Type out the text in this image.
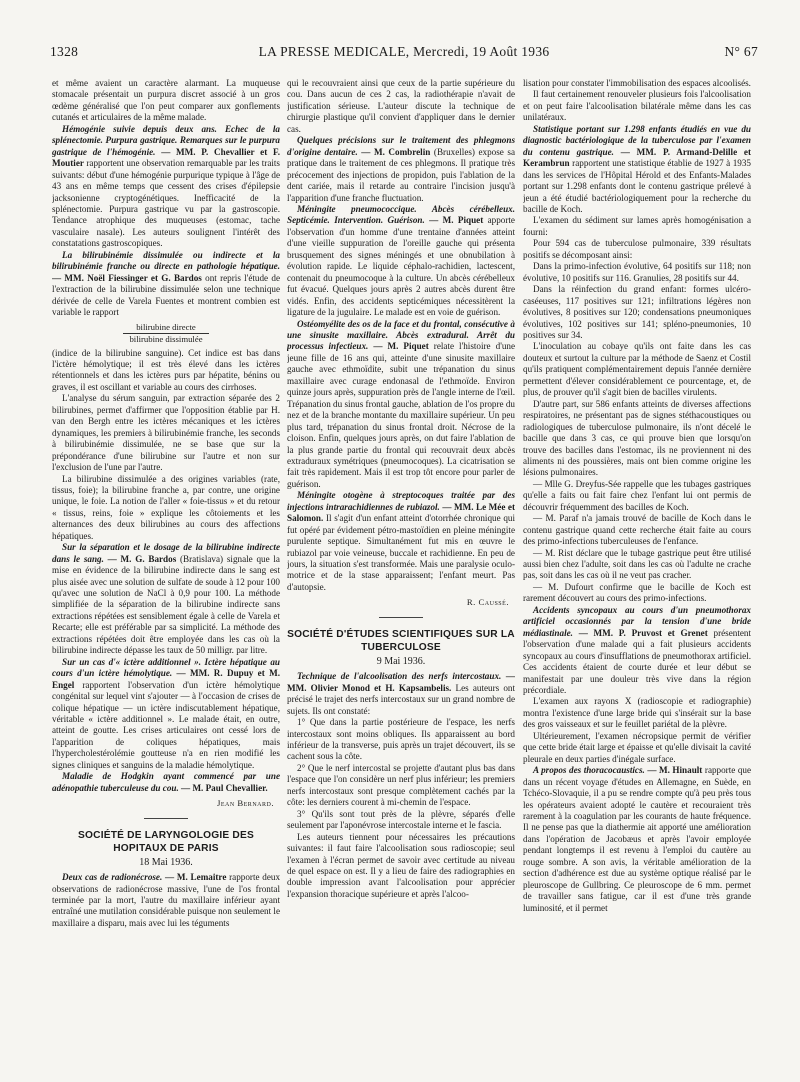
1328	LA PRESSE MEDICALE, Mercredi, 19 Août 1936	N° 67

et même avaient un caractère alarmant. La muqueuse stomacale présentait un purpura discret associé à un gros œdème généralisé que l'on peut comparer aux gonflements cutanés et articulaires de la même malade.

Hémogénie suivie depuis deux ans. Echec de la splénectomie. Purpura gastrique. Remarques sur le purpura gastrique de l'hémogénie. — MM. P. Chevallier et F. Moutier rapportent une observation remarquable par les traits suivants: début d'une hémogénie purpurique typique à l'âge de 43 ans en même temps que cessent des crises d'épilepsie jacksonienne cryptogénétiques. Inefficacité de la splénectomie. Purpura gastrique vu par la gastroscopie. Tendance atrophique des muqueuses (estomac, tache vasculaire nasale). Les auteurs soulignent l'intérêt des constatations gastroscopiques.

La bilirubinémie dissimulée ou indirecte et la bilirubinémie franche ou directe en pathologie hépatique. — MM. Noël Fiessinger et G. Bardos ont repris l'étude de l'extraction de la bilirubine dissimulée selon une technique dérivée de celle de Varela Fuentes et montrent combien est variable le rapport

bilirubine directe
bilirubine dissimulée

(indice de la bilirubine sanguine). Cet indice est bas dans l'ictère hémolytique; il est très élevé dans les ictères rétentionnels et dans les ictères purs par hépatite, bénins ou graves, il est oscillant et variable au cours des cirrhoses.

L'analyse du sérum sanguin, par extraction séparée des 2 bilirubines, permet d'affirmer que l'opposition établie par H. van den Bergh entre les ictères mécaniques et les ictères dynamiques, les premiers à bilirubinémie franche, les seconds à bilirubinémie dissimulée, ne se base que sur la prépondérance d'une bilirubine sur l'autre et non sur l'exclusion de l'une par l'autre.

La bilirubine dissimulée a des origines variables (rate, tissus, foie); la bilirubine franche a, par contre, une origine unique, le foie. La notion de l'aller « foie-tissus » et du retour « tissus, reins, foie » explique les côtoiements et les alternances des deux bilirubines au cours des affections hépatiques.

Sur la séparation et le dosage de la bilirubine indirecte dans le sang. — M. G. Bardos (Bratislava) signale que la mise en évidence de la bilirubine indirecte dans le sang est plus aisée avec une solution de sulfate de soude à 12 pour 100 qu'avec une solution de NaCl à 0,9 pour 100. La méthode simplifiée de la séparation de la bilirubine indirecte sans extractions répétées est sensiblement égale à celle de Varela et Recarte; elle est préférable par sa simplicité. La méthode des extractions répétées doit être employée dans les cas où la bilirubine indirecte dépasse les taux de 50 milligr. par litre.

Sur un cas d'« ictère additionnel ». Ictère hépatique au cours d'un ictère hémolytique. — MM. R. Dupuy et M. Engel rapportent l'observation d'un ictère hémolytique congénital sur lequel vint s'ajouter — à l'occasion de crises de colique hépatique — un ictère indiscutablement hépatique, véritable « ictère additionnel ». Le malade était, en outre, atteint de goutte. Les crises articulaires ont cessé lors de l'apparition de coliques hépatiques, mais l'hypercholestérolémie goutteuse n'a en rien modifié les signes cliniques et sanguins de la maladie hémolytique.

Maladie de Hodgkin ayant commencé par une adénopathie tuberculeuse du cou. — M. Paul Chevallier.

Jean Bernard.
SOCIÉTÉ DE LARYNGOLOGIE DES HOPITAUX DE PARIS
18 Mai 1936.

Deux cas de radionécrose. — M. Lemaitre rapporte deux observations de radionécrose massive, l'une de l'os frontal terminée par la mort, l'autre du maxillaire inférieur ayant entraîné une mutilation considérable puisque non seulement le maxillaire a disparu, mais avec lui les téguments

qui le recouvraient ainsi que ceux de la partie supérieure du cou. Dans aucun de ces 2 cas, la radiothérapie n'avait de justification sérieuse. L'auteur discute la technique de chirurgie plastique qu'il convient d'appliquer dans le dernier cas.

Quelques précisions sur le traitement des phlegmons d'origine dentaire. — M. Combrelin (Bruxelles) expose sa pratique dans le traitement de ces phlegmons. Il pratique très précocement des injections de propidon, puis l'ablation de la dent cariée, mais il retarde au contraire l'incision jusqu'à l'apparition d'une franche fluctuation.

Méningite pneumococcique. Abcès cérébelleux. Septicémie. Intervention. Guérison. — M. Piquet apporte l'observation d'un homme d'une trentaine d'années atteint d'une vieille suppuration de l'oreille gauche qui présenta brusquement des signes méningés et une obnubilation à évolution rapide. Le liquide céphalo-rachidien, lactescent, contenait du pneumocoque à la culture. Un abcès cérébelleux fut évacué. Quelques jours après 2 autres abcès durent être vidés. Enfin, des accidents septicémiques nécessitèrent la ligature de la jugulaire. Le malade est en voie de guérison.

Ostéomyélite des os de la face et du frontal, consécutive à une sinusite maxillaire. Abcès extradural. Arrêt du processus infectieux. — M. Piquet relate l'histoire d'une jeune fille de 16 ans qui, atteinte d'une sinusite maxillaire gauche avec ethmoïdite, subit une trépanation du sinus maxillaire avec curage endonasal de l'ethmoïde. Environ quinze jours après, suppuration près de l'angle interne de l'œil. Trépanation du sinus frontal gauche, ablation de l'os propre du nez et de la branche montante du maxillaire supérieur. Un peu plus tard, trépanation du sinus frontal droit. Nécrose de la cloison. Enfin, quelques jours après, on dut faire l'ablation de la plus grande partie du frontal qui recouvrait deux abcès extraduraux symétriques (pneumocoques). La cicatrisation se fait très rapidement. Mais il est trop tôt encore pour parler de guérison.

Méningite otogène à streptocoques traitée par des injections intrarachidiennes de rubiazol. — MM. Le Mée et Salomon. Il s'agit d'un enfant atteint d'otorrhée chronique qui fut opéré par évidement pétro-mastoïdien en pleine méningite purulente septique. Simultanément fut mis en œuvre le rubiazol par voie veineuse, buccale et rachidienne. En peu de jours, la situation s'est transformée. Mais une paralysie oculo-motrice et de la stase apparaissent; l'enfant meurt. Pas d'autopsie.

R. Caussé.
SOCIÉTÉ D'ÉTUDES SCIENTIFIQUES SUR LA TUBERCULOSE
9 Mai 1936.

Technique de l'alcoolisation des nerfs intercostaux. — MM. Olivier Monod et H. Kapsambelis. Les auteurs ont précisé le trajet des nerfs intercostaux sur un grand nombre de sujets. Ils ont constaté:

1° Que dans la partie postérieure de l'espace, les nerfs intercostaux sont moins obliques. Ils apparaissent au bord inférieur de la transverse, puis après un trajet découvert, ils se cachent sous la côte.

2° Que le nerf intercostal se projette d'autant plus bas dans l'espace que l'on considère un nerf plus inférieur; les premiers nerfs intercostaux sont presque complètement cachés par la côte: les derniers courent à mi-chemin de l'espace.

3° Qu'ils sont tout près de la plèvre, séparés d'elle seulement par l'aponévrose intercostale interne et le fascia.

Les auteurs tiennent pour nécessaires les précautions suivantes: il faut faire l'alcoolisation sous radioscopie; seul l'examen à l'écran permet de savoir avec certitude au niveau de quel espace on est. Il y a lieu de faire des radiographies en double impression avant l'alcoolisation pour apprécier l'expansion thoracique supérieure et après l'alcoo-

lisation pour constater l'immobilisation des espaces alcoolisés.

Il faut certainement renouveler plusieurs fois l'alcoolisation et on peut faire l'alcoolisation bilatérale même dans les cas unilatéraux.

Statistique portant sur 1.298 enfants étudiés en vue du diagnostic bactériologique de la tuberculose par l'examen du contenu gastrique. — MM. P. Armand-Delille et Kerambrun rapportent une statistique établie de 1927 à 1935 dans les services de l'Hôpital Hérold et des Enfants-Malades portant sur 1.298 enfants dont le contenu gastrique prélevé à jeun a été étudié bactériologiquement pour la recherche du bacille de Koch.

L'examen du sédiment sur lames après homogénisation a fourni:

Pour 594 cas de tuberculose pulmonaire, 339 résultats positifs se décomposant ainsi:

Dans la primo-infection évolutive, 64 positifs sur 118; non évolutive, 10 positifs sur 116. Granulies, 28 positifs sur 44.

Dans la réinfection du grand enfant: formes ulcéro-caséeuses, 117 positives sur 121; infiltrations légères non évolutives, 8 positives sur 120; condensations pneumoniques évolutives, 102 positives sur 141; spléno-pneumonies, 10 positives sur 34.

L'inoculation au cobaye qu'ils ont faite dans les cas douteux et surtout la culture par la méthode de Saenz et Costil qu'ils pratiquent complémentairement depuis l'année dernière permettent d'élever considérablement ce pourcentage, et, de plus, de prouver qu'il s'agit bien de bacilles virulents.

D'autre part, sur 586 enfants atteints de diverses affections respiratoires, ne présentant pas de signes stéthacoustiques ou radiologiques de tuberculose pulmonaire, ils n'ont décelé le bacille que dans 3 cas, ce qui prouve bien que lorsqu'on trouve des bacilles dans l'estomac, ils ne proviennent ni des aliments ni des poussières, mais ont bien comme origine les lésions pulmonaires.

— Mlle G. Dreyfus-Sée rappelle que les tubages gastriques qu'elle a faits ou fait faire chez l'enfant lui ont permis de découvrir fréquemment des bacilles de Koch.

— M. Paraf n'a jamais trouvé de bacille de Koch dans le contenu gastrique quand cette recherche était faite au cours des primo-infections tuberculeuses de l'enfance.

— M. Rist déclare que le tubage gastrique peut être utilisé aussi bien chez l'adulte, soit dans les cas où l'adulte ne crache pas, soit dans les cas où il ne veut pas cracher.

— M. Dufourt confirme que le bacille de Koch est rarement découvert au cours des primo-infections.

Accidents syncopaux au cours d'un pneumothorax artificiel occasionnés par la tension d'une bride médiastinale. — MM. P. Pruvost et Grenet présentent l'observation d'une malade qui a fait plusieurs accidents syncopaux au cours d'insufflations de pneumothorax artificiel. Ces accidents étaient de courte durée et leur début se manifestait par une douleur très vive dans la région précordiale.

L'examen aux rayons X (radioscopie et radiographie) montra l'existence d'une large bride qui s'insérait sur la base des gros vaisseaux et sur le feuillet pariétal de la plèvre.

Ultérieurement, l'examen nécropsique permit de vérifier que cette bride était large et épaisse et qu'elle divisait la cavité pleurale en deux parties d'inégale surface.

A propos des thoracocaustics. — M. Hinault rapporte que dans un récent voyage d'études en Allemagne, en Suède, en Tchéco-Slovaquie, il a pu se rendre compte qu'à peu près tous les opérateurs avaient adopté le cautère et recouraient très rarement à la coagulation par les courants de haute fréquence. Il ne pense pas que la diathermie ait apporté une amélioration dans l'opération de Jacobæus et après l'avoir employée pendant longtemps il est revenu à l'emploi du cautère au rouge sombre. A son avis, la véritable amélioration de la section d'adhérence est due au système optique réalisé par le pleuroscope de Gullbring. Ce pleuroscope de 6 mm. permet de travailler sans fatigue, car il est d'une très grande luminosité, et il permet
